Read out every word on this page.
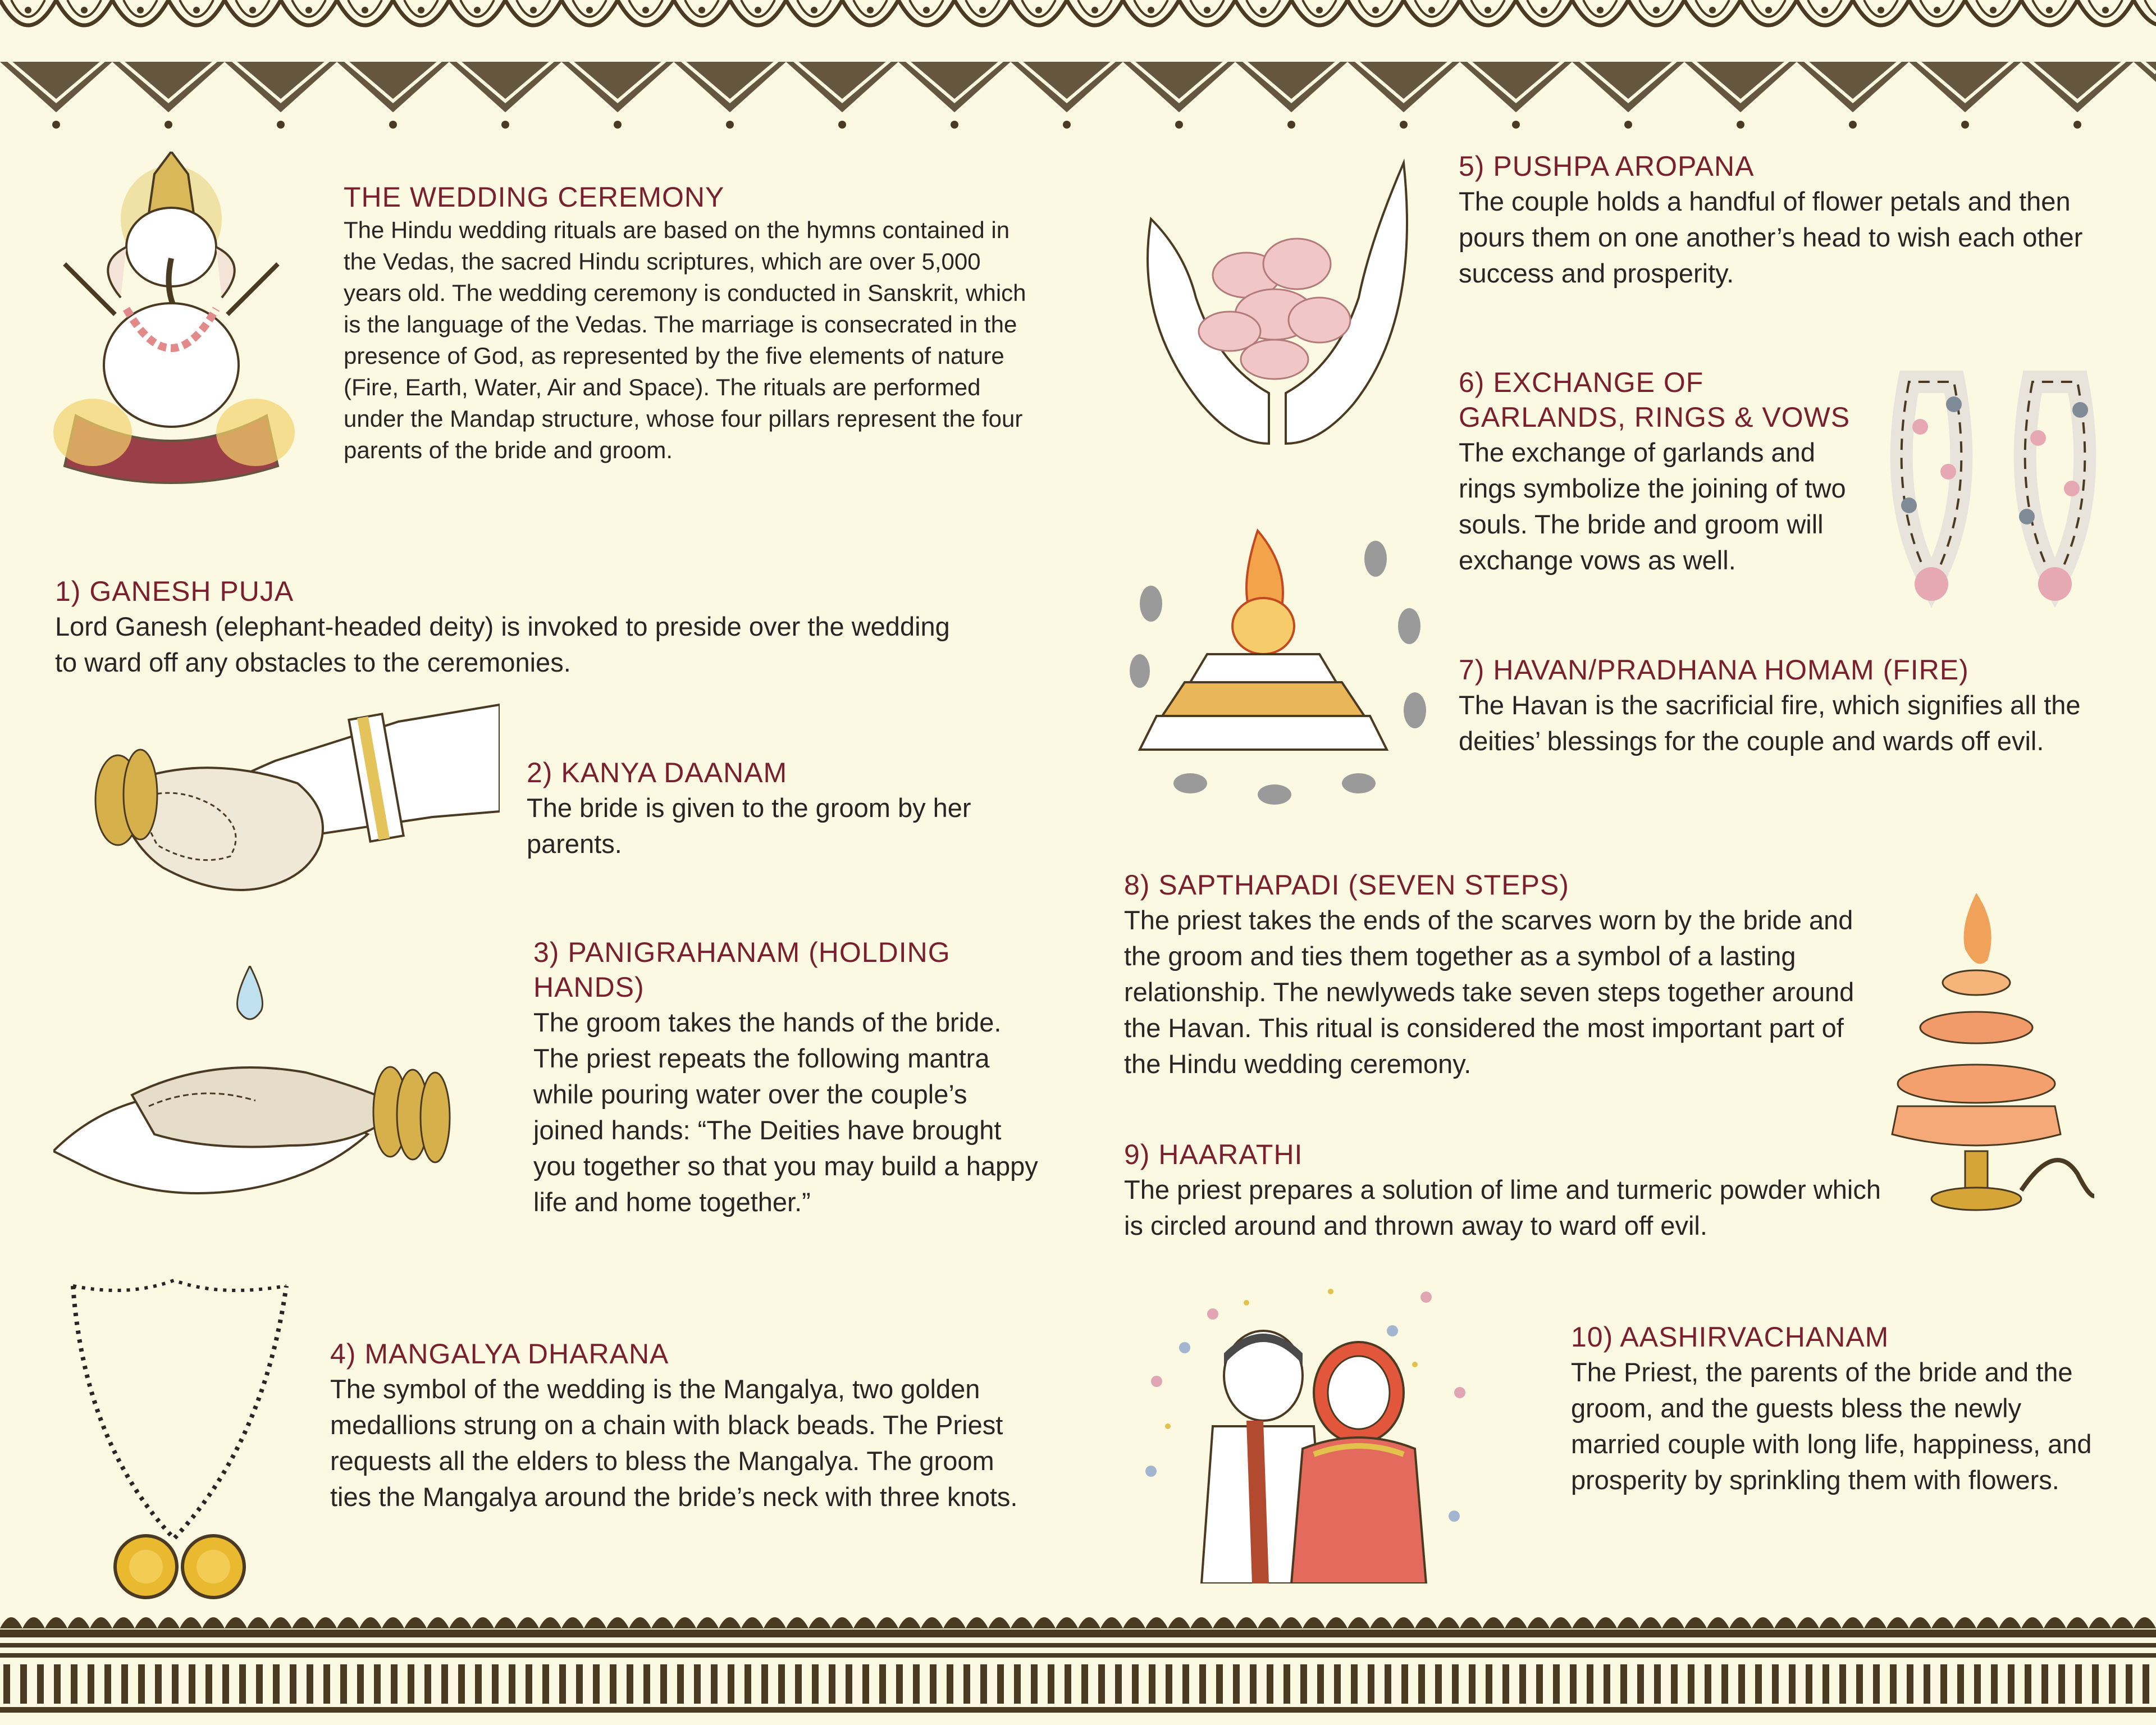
THE WEDDING CEREMONY

The Hindu wedding rituals are based on the hymns contained in the Vedas, the sacred Hindu scriptures, which are over 5,000 years old. The wedding ceremony is conducted in Sanskrit, which is the language of the Vedas. The marriage is consecrated in the presence of God, as represented by the five elements of nature (Fire, Earth, Water, Air and Space). The rituals are performed under the Mandap structure, whose four pillars represent the four parents of the bride and groom.

1) GANESH PUJA

Lord Ganesh (elephant-headed deity) is invoked to preside over the wedding to ward off any obstacles to the ceremonies.

2) KANYA DAANAM

The bride is given to the groom by her parents.

3) PANIGRAHANAM (HOLDING HANDS)

The groom takes the hands of the bride. The priest repeats the following mantra while pouring water over the couple’s joined hands: “The Deities have brought you together so that you may build a happy life and home together.”

4) MANGALYA DHARANA

The symbol of the wedding is the Mangalya, two golden medallions strung on a chain with black beads. The Priest requests all the elders to bless the Mangalya. The groom ties the Mangalya around the bride’s neck with three knots.

5) PUSHPA AROPANA

The couple holds a handful of flower petals and then pours them on one another’s head to wish each other success and prosperity.

6) EXCHANGE OF GARLANDS, RINGS & VOWS

The exchange of garlands and rings symbolize the joining of two souls. The bride and groom will exchange vows as well.

7) HAVAN/PRADHANA HOMAM (FIRE)

The Havan is the sacrificial fire, which signifies all the deities’ blessings for the couple and wards off evil.

8) SAPTHAPADI (SEVEN STEPS)

The priest takes the ends of the scarves worn by the bride and the groom and ties them together as a symbol of a lasting relationship. The newlyweds take seven steps together around the Havan. This ritual is considered the most important part of the Hindu wedding ceremony.

9) HAARATHI

The priest prepares a solution of lime and turmeric powder which is circled around and thrown away to ward off evil.

10) AASHIRVACHANAM

The Priest, the parents of the bride and the groom, and the guests bless the newly married couple with long life, happiness, and prosperity by sprinkling them with flowers.
